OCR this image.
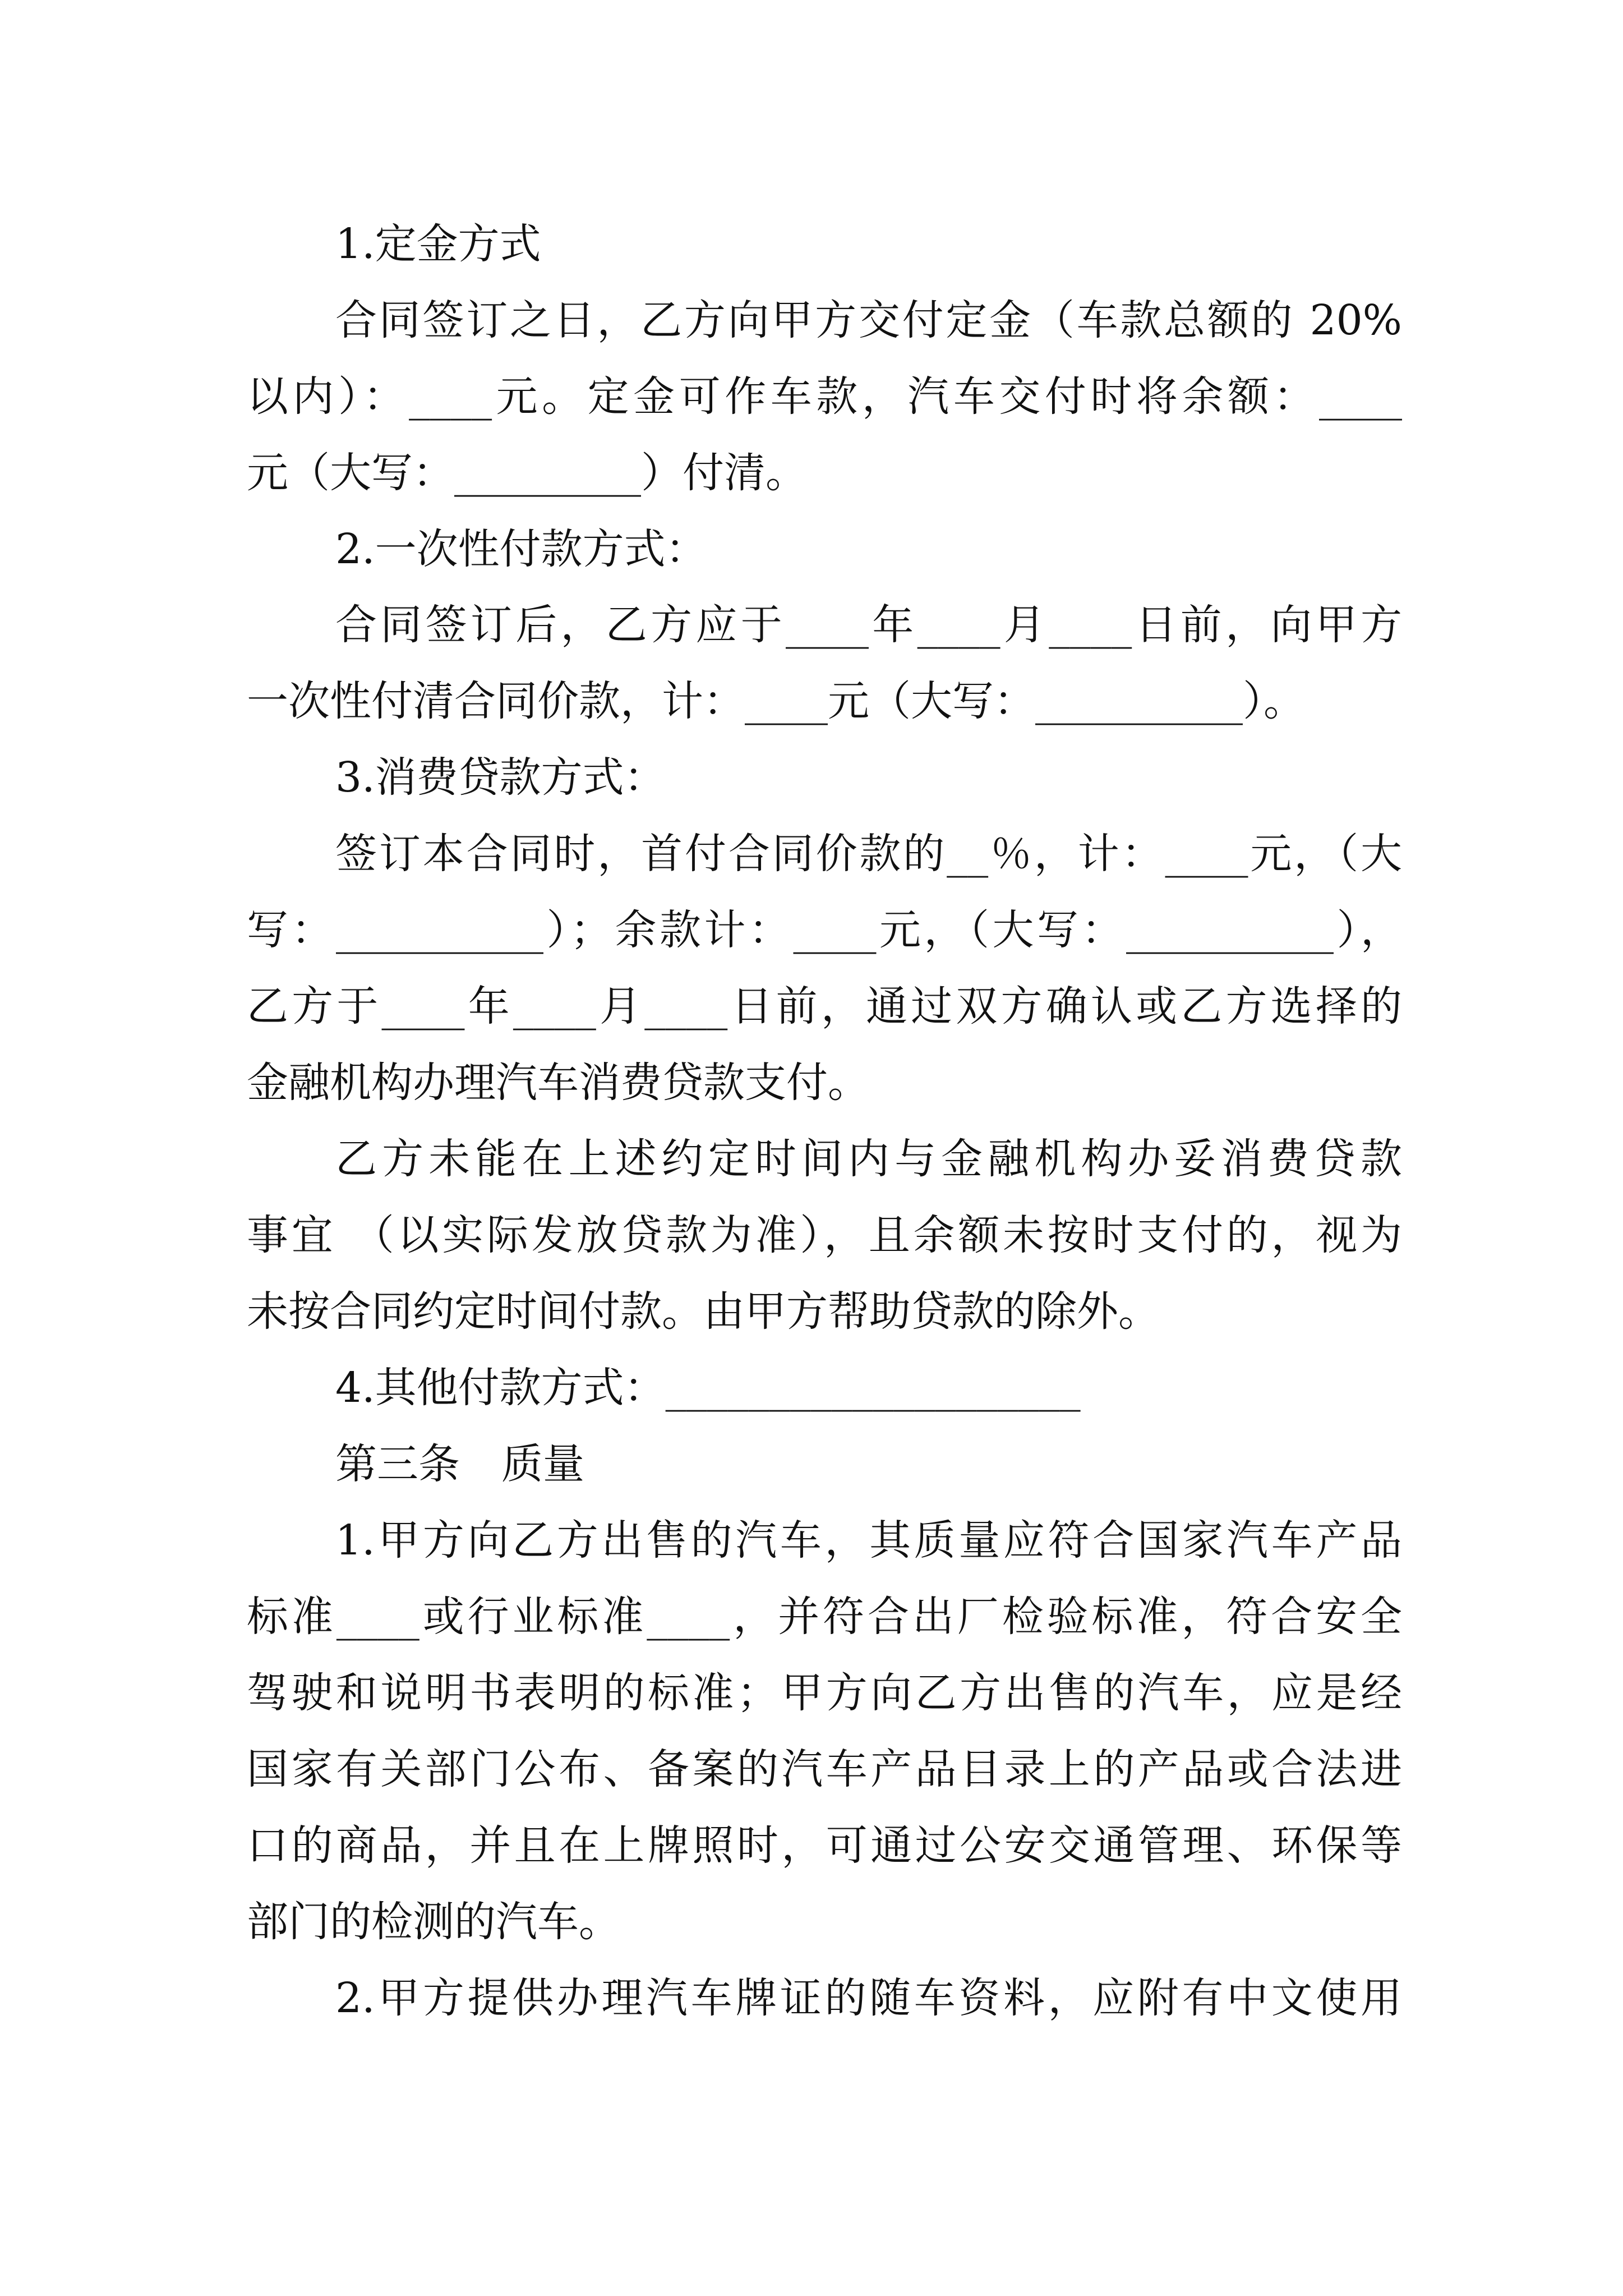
1.定金方式
合同签订之日，乙方向甲方交付定金（车款总额的 20%
以内）：____元。定金可作车款，汽车交付时将余额：____
元（大写：_________）付清。
2.一次性付款方式：
合同签订后，乙方应于____年____月____日前，向甲方
一次性付清合同价款，计：____元（大写：__________）。
3.消费贷款方式：
签订本合同时，首付合同价款的__％，计：____元，（大
写：__________）；余款计：____元，（大写：__________），
乙方于____年____月____日前，通过双方确认或乙方选择的
金融机构办理汽车消费贷款支付。
乙方未能在上述约定时间内与金融机构办妥消费贷款
事宜 （以实际发放贷款为准），且余额未按时支付的，视为
未按合同约定时间付款。由甲方帮助贷款的除外。
4.其他付款方式：____________________
第三条　质量
1.甲方向乙方出售的汽车，其质量应符合国家汽车产品
标准____或行业标准____，并符合出厂检验标准，符合安全
驾驶和说明书表明的标准；甲方向乙方出售的汽车，应是经
国家有关部门公布、备案的汽车产品目录上的产品或合法进
口的商品，并且在上牌照时，可通过公安交通管理、环保等
部门的检测的汽车。
2.甲方提供办理汽车牌证的随车资料，应附有中文使用
